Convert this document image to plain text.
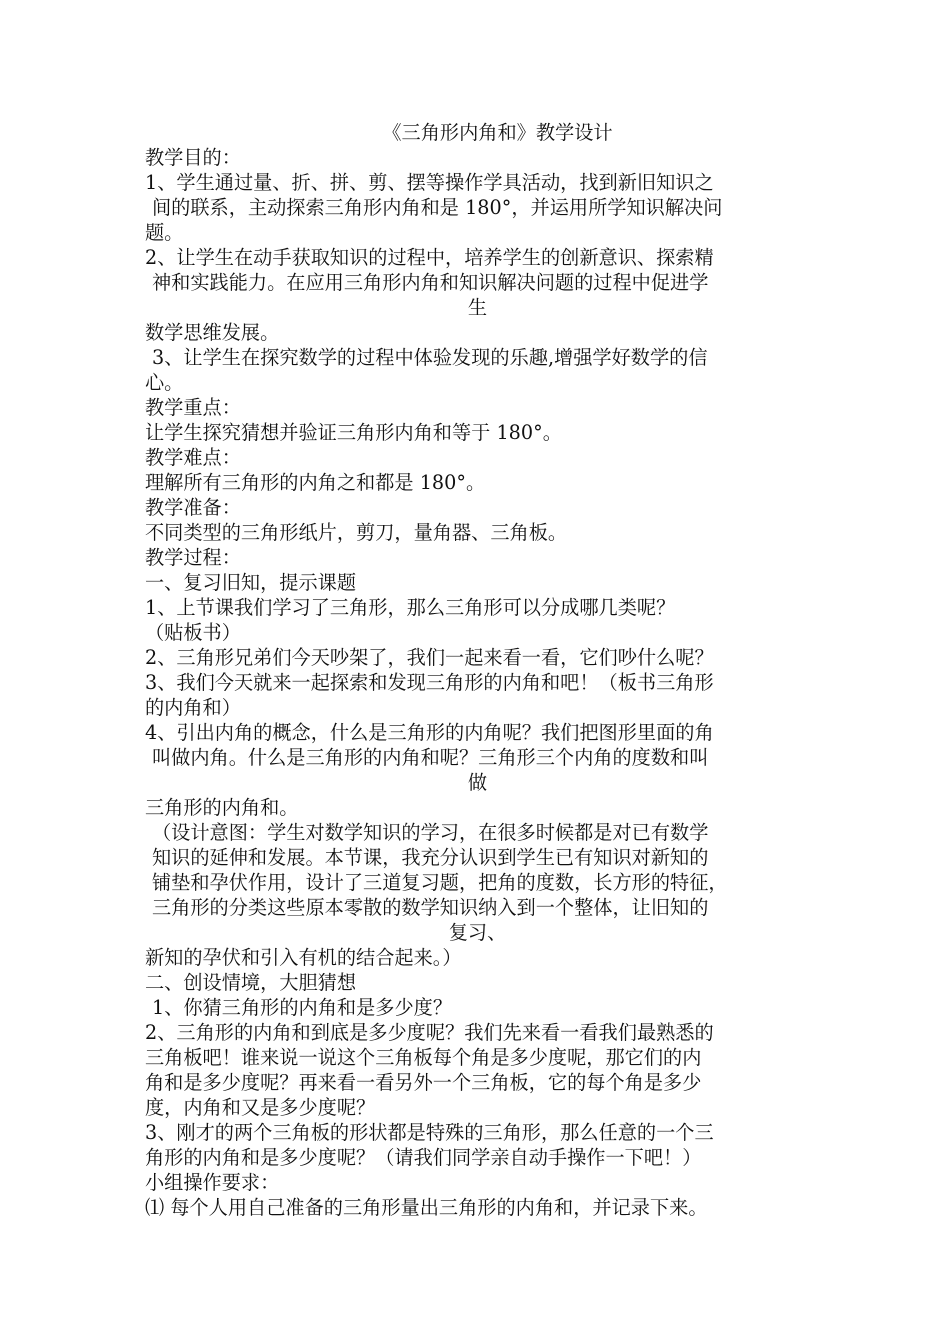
《三角形内角和》教学设计
教学目的：
1、学生通过量、折、拼、剪、摆等操作学具活动，找到新旧知识之
间的联系，主动探索三角形内角和是 180°，并运用所学知识解决问
题。
2、让学生在动手获取知识的过程中，培养学生的创新意识、探索精
神和实践能力。在应用三角形内角和知识解决问题的过程中促进学
生
数学思维发展。
3、让学生在探究数学的过程中体验发现的乐趣,增强学好数学的信
心。
教学重点：
让学生探究猜想并验证三角形内角和等于 180°。
教学难点：
理解所有三角形的内角之和都是 180°。
教学准备：
不同类型的三角形纸片，剪刀，量角器、三角板。
教学过程：
一、复习旧知，提示课题
1、上节课我们学习了三角形，那么三角形可以分成哪几类呢？
（贴板书）
2、三角形兄弟们今天吵架了，我们一起来看一看，它们吵什么呢？
3、我们今天就来一起探索和发现三角形的内角和吧！（板书三角形
的内角和）
4、引出内角的概念，什么是三角形的内角呢？我们把图形里面的角
叫做内角。什么是三角形的内角和呢？三角形三个内角的度数和叫
做
三角形的内角和。
（设计意图：学生对数学知识的学习，在很多时候都是对已有数学
知识的延伸和发展。本节课，我充分认识到学生已有知识对新知的
铺垫和孕伏作用，设计了三道复习题，把角的度数，长方形的特征，
三角形的分类这些原本零散的数学知识纳入到一个整体，让旧知的
复习、
新知的孕伏和引入有机的结合起来。）
二、创设情境，大胆猜想
1、你猜三角形的内角和是多少度？
2、三角形的内角和到底是多少度呢？我们先来看一看我们最熟悉的
三角板吧！谁来说一说这个三角板每个角是多少度呢，那它们的内
角和是多少度呢？再来看一看另外一个三角板，它的每个角是多少
度，内角和又是多少度呢？
3、刚才的两个三角板的形状都是特殊的三角形，那么任意的一个三
角形的内角和是多少度呢？（请我们同学亲自动手操作一下吧！）
小组操作要求：
⑴ 每个人用自己准备的三角形量出三角形的内角和，并记录下来。
